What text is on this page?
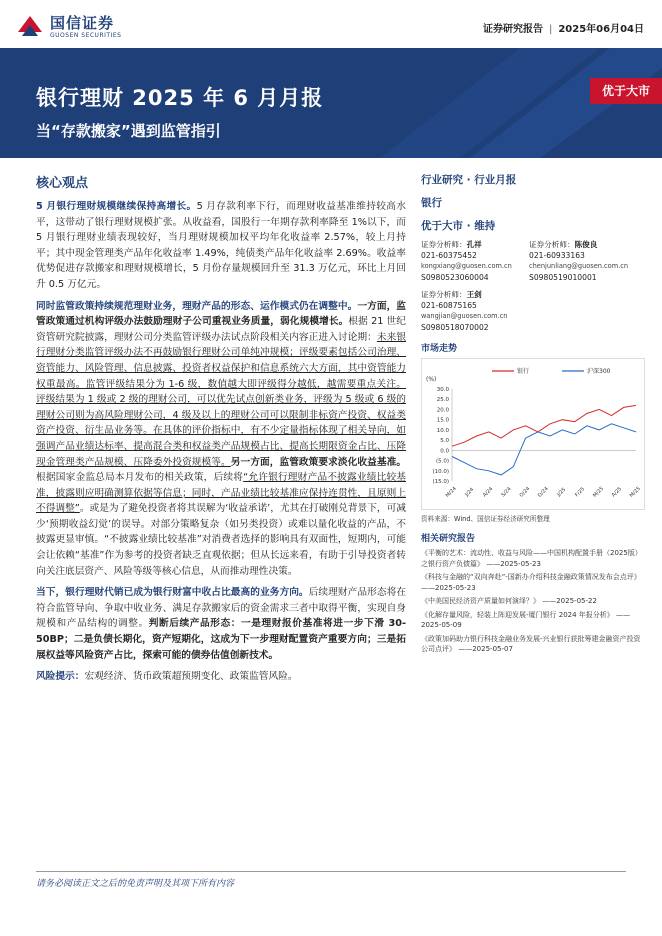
国信证券
GUOSEN SECURITIES
证券研究报告 | 2025年06月04日
银行理财 2025 年 6 月月报
当“存款搬家”遇到监管指引
优于大市
核心观点

5 月银行理财规模继续保持高增长。5 月存款利率下行，而理财收益基准维持较高水平，这带动了银行理财规模扩张。从收益看，国股行一年期存款利率降至 1%以下，而 5 月银行理财业绩表现较好，当月理财规模加权平均年化收益率 2.57%，较上月持平；其中现金管理类产品年化收益率 1.49%，纯债类产品年化收益率 2.69%。收益率优势促进存款搬家和理财规模增长，5 月份存量规模回升至 31.3 万亿元，环比上月回升 0.5 万亿元。

同时监管政策持续规范理财业务，理财产品的形态、运作模式仍在调整中。一方面，监管政策通过机构评级办法鼓励理财子公司重视业务质量，弱化规模增长。根据 21 世纪资管研究院披露，理财公司分类监管评级办法试点阶段相关内容正进入讨论期：未来银行理财分类监管评级办法不再鼓励银行理财公司单纯冲规模；评级要素包括公司治理、资管能力、风险管理、信息披露、投资者权益保护和信息系统六大方面，其中资管能力权重最高。监管评级结果分为 1-6 级，数值越大即评级得分越低，越需要重点关注。评级结果为 1 级或 2 级的理财公司，可以优先试点创新类业务，评级为 5 级或 6 级的理财公司则为高风险理财公司，4 级及以上的理财公司可以限制非标资产投资、权益类资产投资、衍生品业务等。在具体的评价指标中，有不少定量指标体现了相关导向，如强调产品业绩达标率、提高混合类和权益类产品规模占比、提高长期限资金占比、压降现金管理类产品规模、压降委外投资规模等。另一方面，监管政策要求淡化收益基准。根据国家金监总局本月发布的相关政策，后续将“允许银行理财产品不披露业绩比较基准，披露则应明确测算依据等信息；同时，产品业绩比较基准应保持连贯性，且原则上不得调整”。或是为了避免投资者将其误解为‘收益承诺’，尤其在打破刚兑背景下，可减少‘预期收益幻觉’的误导。对部分策略复杂（如另类投资）或难以量化收益的产品，不披露更显审慎。“不披露业绩比较基准”对消费者选择的影响具有双面性，短期内，可能会让依赖“基准”作为参考的投资者缺乏直观依据；但从长远来看，有助于引导投资者转向关注底层资产、风险等级等核心信息，从而推动理性决策。

当下，银行理财代销已成为银行财富中收占比最高的业务方向。后续理财产品形态将在符合监管导向、争取中收业务、满足存款搬家后的资金需求三者中取得平衡，实现自身规模和产品结构的调整。判断后续产品形态：一是理财报价基准将进一步下滑 30-50BP；二是负债长期化，资产短期化，这成为下一步理财配置资产重要方向；三是拓展权益等风险资产占比，探索可能的债券估值创新技术。

风险提示：宏观经济、货币政策超预期变化、政策监管风险。

行业研究 · 行业月报
银行
优于大市 · 维持
证券分析师：孔祥
021-60375452
kongxiang@guosen.com.cn
S0980523060004
证券分析师：陈俊良
021-60933163
chenjunliang@guosen.com.cn
S0980519010001
证券分析师：王剑
021-60875165
wangjian@guosen.com.cn
S0980518070002
市场走势
(%)
银行	沪深300
30.0
25.0
20.0
15.0
10.0
5.0
0.0
(5.0)
(10.0)
(15.0)
M/24 J/24 A/24 S/24 O/24 D/24 J/25 F/25 M/25 A/25 M/25
资料来源：Wind、国信证券经济研究所整理
相关研究报告

《平衡的艺术：流动性、收益与风险——中国机构配置手册（2025版）之银行资产负债篇》 ——2025-05-23

《科技与金融的“双向奔赴”-国新办介绍科技金融政策情况发布会点评》 ——2025-05-23

《中美国民经济资产质量如何演绎？》 ——2025-05-22

《化解存量风险，轻装上阵迎发展-厦门银行 2024 年报分析》 ——2025-05-09

《政策加码助力银行科技金融业务发展-兴业银行获批筹建金融资产投资公司点评》 ——2025-05-07

请务必阅读正文之后的免责声明及其项下所有内容
